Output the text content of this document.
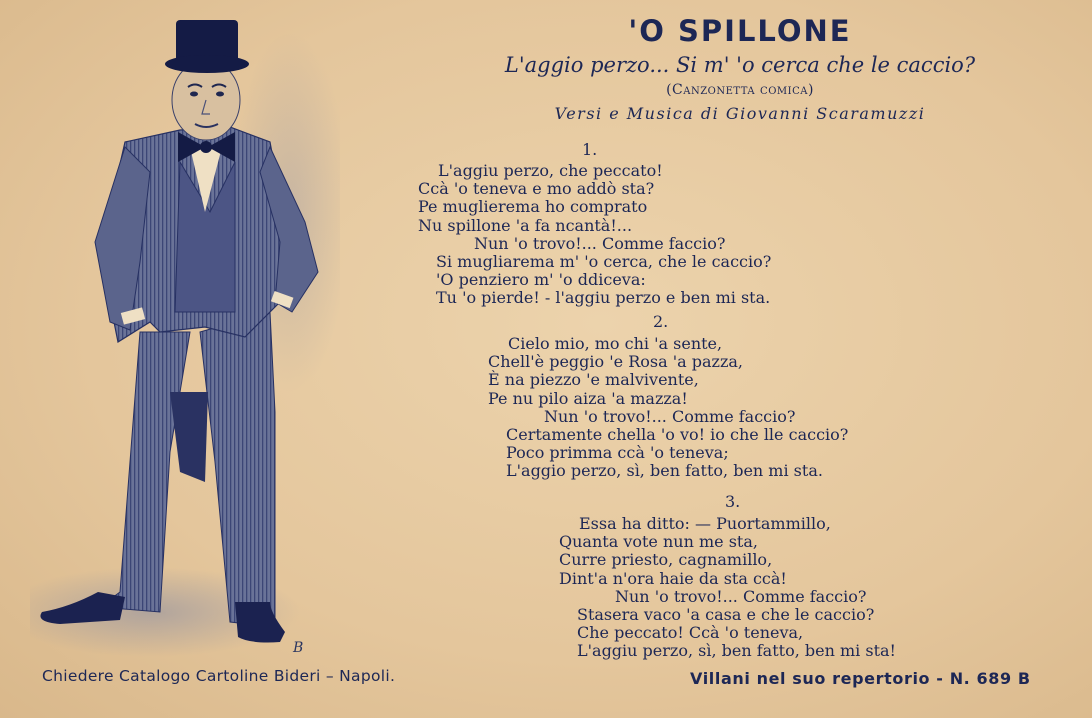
B
'O SPILLONE
L'aggio perzo... Si m' 'o cerca che le caccio?
(Canzonetta comica)
Versi e Musica di Giovanni Scaramuzzi
1.
L'aggiu perzo, che peccato!
Ccà 'o teneva e mo addò sta?
Pe muglierema ho comprato
Nu spillone 'a fa ncantà!...
Nun 'o trovo!... Comme faccio?
Si mugliarema m' 'o cerca, che le caccio?
'O penziero m' 'o ddiceva:
Tu 'o pierde! - l'aggiu perzo e ben mi sta.
2.
Cielo mio, mo chi 'a sente,
Chell'è peggio 'e Rosa 'a pazza,
È na piezzo 'e malvivente,
Pe nu pilo aiza 'a mazza!
Nun 'o trovo!... Comme faccio?
Certamente chella 'o vo! io che lle caccio?
Poco primma ccà 'o teneva;
L'aggio perzo, sì, ben fatto, ben mi sta.
3.
Essa ha ditto: — Puortammillo,
Quanta vote nun me sta,
Curre priesto, cagnamillo,
Dint'a n'ora haie da sta ccà!
Nun 'o trovo!... Comme faccio?
Stasera vaco 'a casa e che le caccio?
Che peccato! Ccà 'o teneva,
L'aggiu perzo, sì, ben fatto, ben mi sta!
Chiedere Catalogo Cartoline Bideri – Napoli.	Villani nel suo repertorio - N. 689 B
